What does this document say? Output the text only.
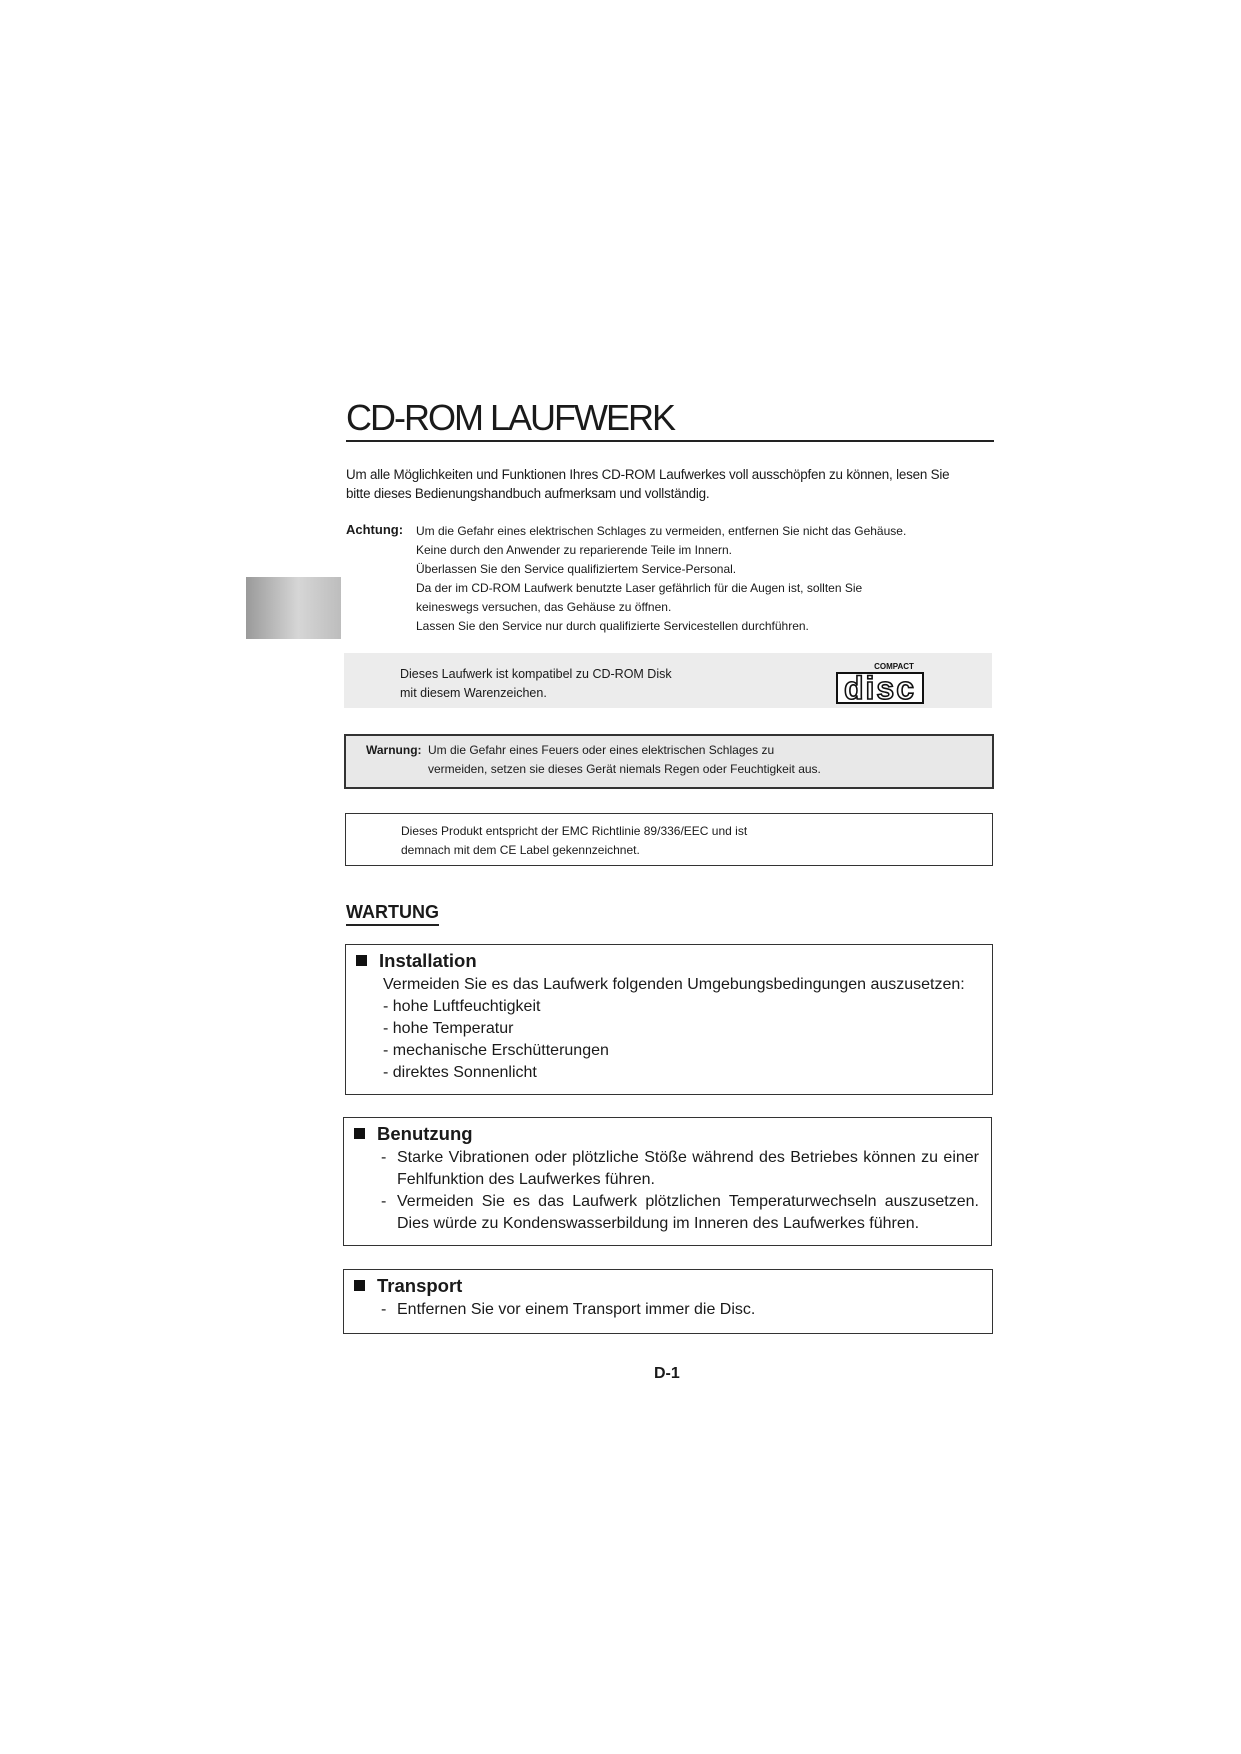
CD-ROM LAUFWERK
Um alle Möglichkeiten und Funktionen Ihres CD-ROM Laufwerkes voll ausschöpfen zu können, lesen Sie
bitte dieses Bedienungshandbuch aufmerksam und vollständig.
Achtung: Um die Gefahr eines elektrischen Schlages zu vermeiden, entfernen Sie nicht das Gehäuse.
Keine durch den Anwender zu reparierende Teile im Innern.
Überlassen Sie den Service qualifiziertem Service-Personal.
Da der im CD-ROM Laufwerk benutzte Laser gefährlich für die Augen ist, sollten Sie
keineswegs versuchen, das Gehäuse zu öffnen.
Lassen Sie den Service nur durch qualifizierte Servicestellen durchführen.
Dieses Laufwerk ist kompatibel zu CD-ROM Disk
mit diesem Warenzeichen.
COMPACT
disc
Warnung: Um die Gefahr eines Feuers oder eines elektrischen Schlages zu
vermeiden, setzen sie dieses Gerät niemals Regen oder Feuchtigkeit aus.
Dieses Produkt entspricht der EMC Richtlinie 89/336/EEC und ist
demnach mit dem CE Label gekennzeichnet.
WARTUNG
Installation
Vermeiden Sie es das Laufwerk folgenden Umgebungsbedingungen auszusetzen:
- hohe Luftfeuchtigkeit
- hohe Temperatur
- mechanische Erschütterungen
- direktes Sonnenlicht
Benutzung
- Starke Vibrationen oder plötzliche Stöße während des Betriebes können zu einer Fehlfunktion des Laufwerkes führen.
- Vermeiden Sie es das Laufwerk plötzlichen Temperaturwechseln auszusetzen. Dies würde zu Kondenswasserbildung im Inneren des Laufwerkes führen.
Transport
- Entfernen Sie vor einem Transport immer die Disc.
D-1
